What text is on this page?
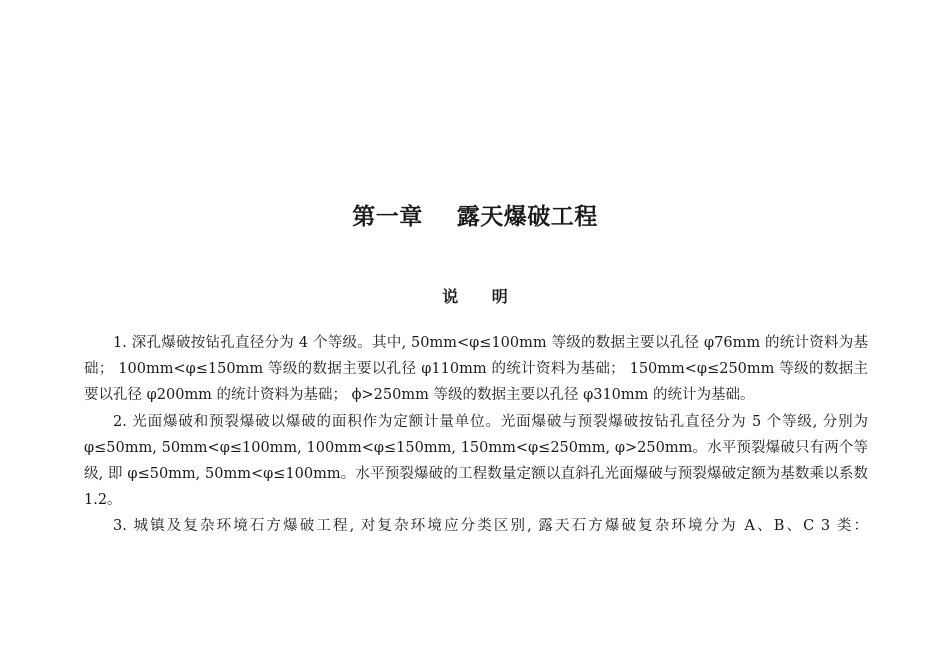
第一章    露天爆破工程
说      明

1. 深孔爆破按钻孔直径分为 4 个等级。其中, 50mm<φ≤100mm 等级的数据主要以孔径 φ76mm 的统计资料为基础； 100mm<φ≤150mm 等级的数据主要以孔径 φ110mm 的统计资料为基础； 150mm<φ≤250mm 等级的数据主要以孔径 φ200mm 的统计资料为基础； ϕ>250mm 等级的数据主要以孔径 φ310mm 的统计为基础。

2. 光面爆破和预裂爆破以爆破的面积作为定额计量单位。光面爆破与预裂爆破按钻孔直径分为 5 个等级, 分别为 φ≤50mm, 50mm<φ≤100mm, 100mm<φ≤150mm, 150mm<φ≤250mm, φ>250mm。水平预裂爆破只有两个等级, 即 φ≤50mm, 50mm<φ≤100mm。水平预裂爆破的工程数量定额以直斜孔光面爆破与预裂爆破定额为基数乘以系数 1.2。

3. 城镇及复杂环境石方爆破工程, 对复杂环境应分类区别, 露天石方爆破复杂环境分为 A、B、C 3 类：
